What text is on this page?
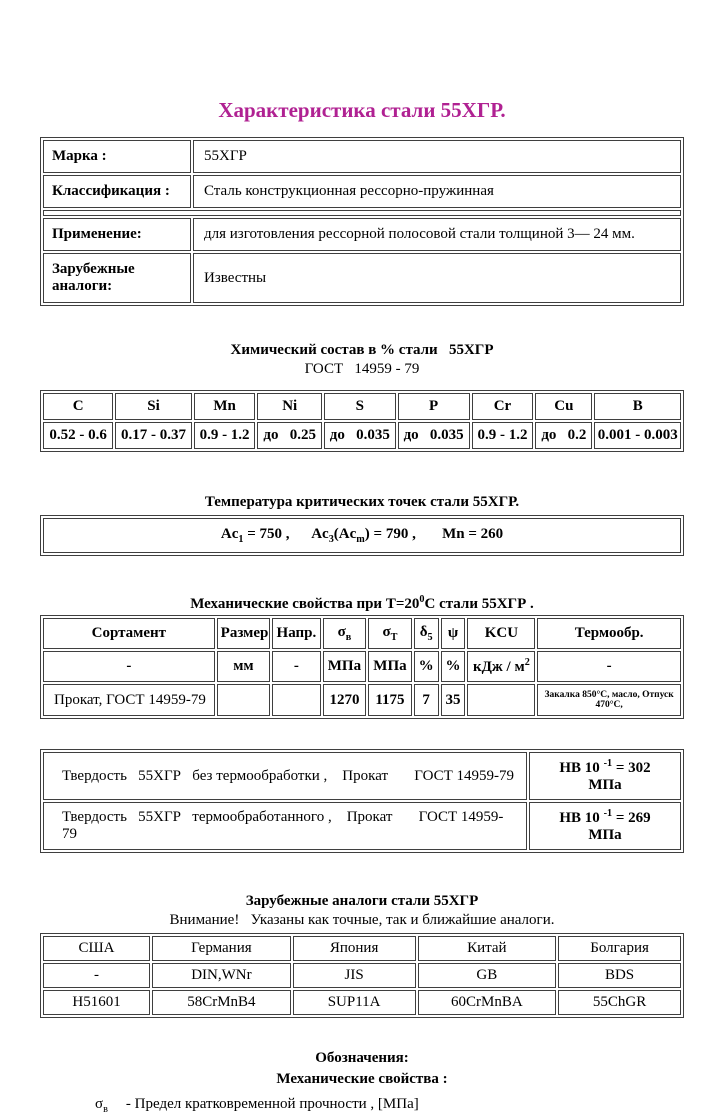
Характеристика стали 55ХГР.
Марка :	55ХГР
Классификация :	Сталь конструкционная рессорно-пружинная

Применение:	для изготовления рессорной полосовой стали толщиной 3— 24 мм.
Зарубежные аналоги:	Известны
Химический состав в % стали   55ХГР
ГОСТ   14959 - 79
C	Si	Mn	Ni	S	P	Cr	Cu	B
0.52 - 0.6	0.17 - 0.37	0.9 - 1.2	до   0.25	до   0.035	до   0.035	0.9 - 1.2	до   0.2	0.001 - 0.003
Температура критических точек стали 55ХГР.
$Ac_1 = 750$ ,      $Ac_3(Ac_m) = 790$ ,       Mn = 260
Механические свойства при $Т=20^0С$ стали 55ХГР .
Сортамент	Размер	Напр.	$\sigma_в$	$\sigma_Т$	$\delta_5$	ψ	KCU	Термообр.
-	мм	-	МПа	МПа	%	%	кДж / $м^2$	-
Прокат, ГОСТ 14959-79			1270	1175	7	35		Закалка 850°С, масло, Отпуск 470°С,
Твердость   55ХГР   без термообработки ,    Прокат       ГОСТ 14959-79	НВ 10 $^{-1}$ = 302   МПа
Твердость   55ХГР   термообработанного ,    Прокат       ГОСТ 14959-79	НВ 10 $^{-1}$ = 269   МПа
Зарубежные аналоги стали 55ХГР
Внимание!   Указаны как точные, так и ближайшие аналоги.
США	Германия	Япония	Китай	Болгария
-	DIN,WNr	JIS	GB	BDS
H51601	58CrMnB4	SUP11A	60CrMnBA	55ChGR
Обозначения:
Механические свойства :
$\sigma_в$ - Предел кратковременной прочности , [МПа]
